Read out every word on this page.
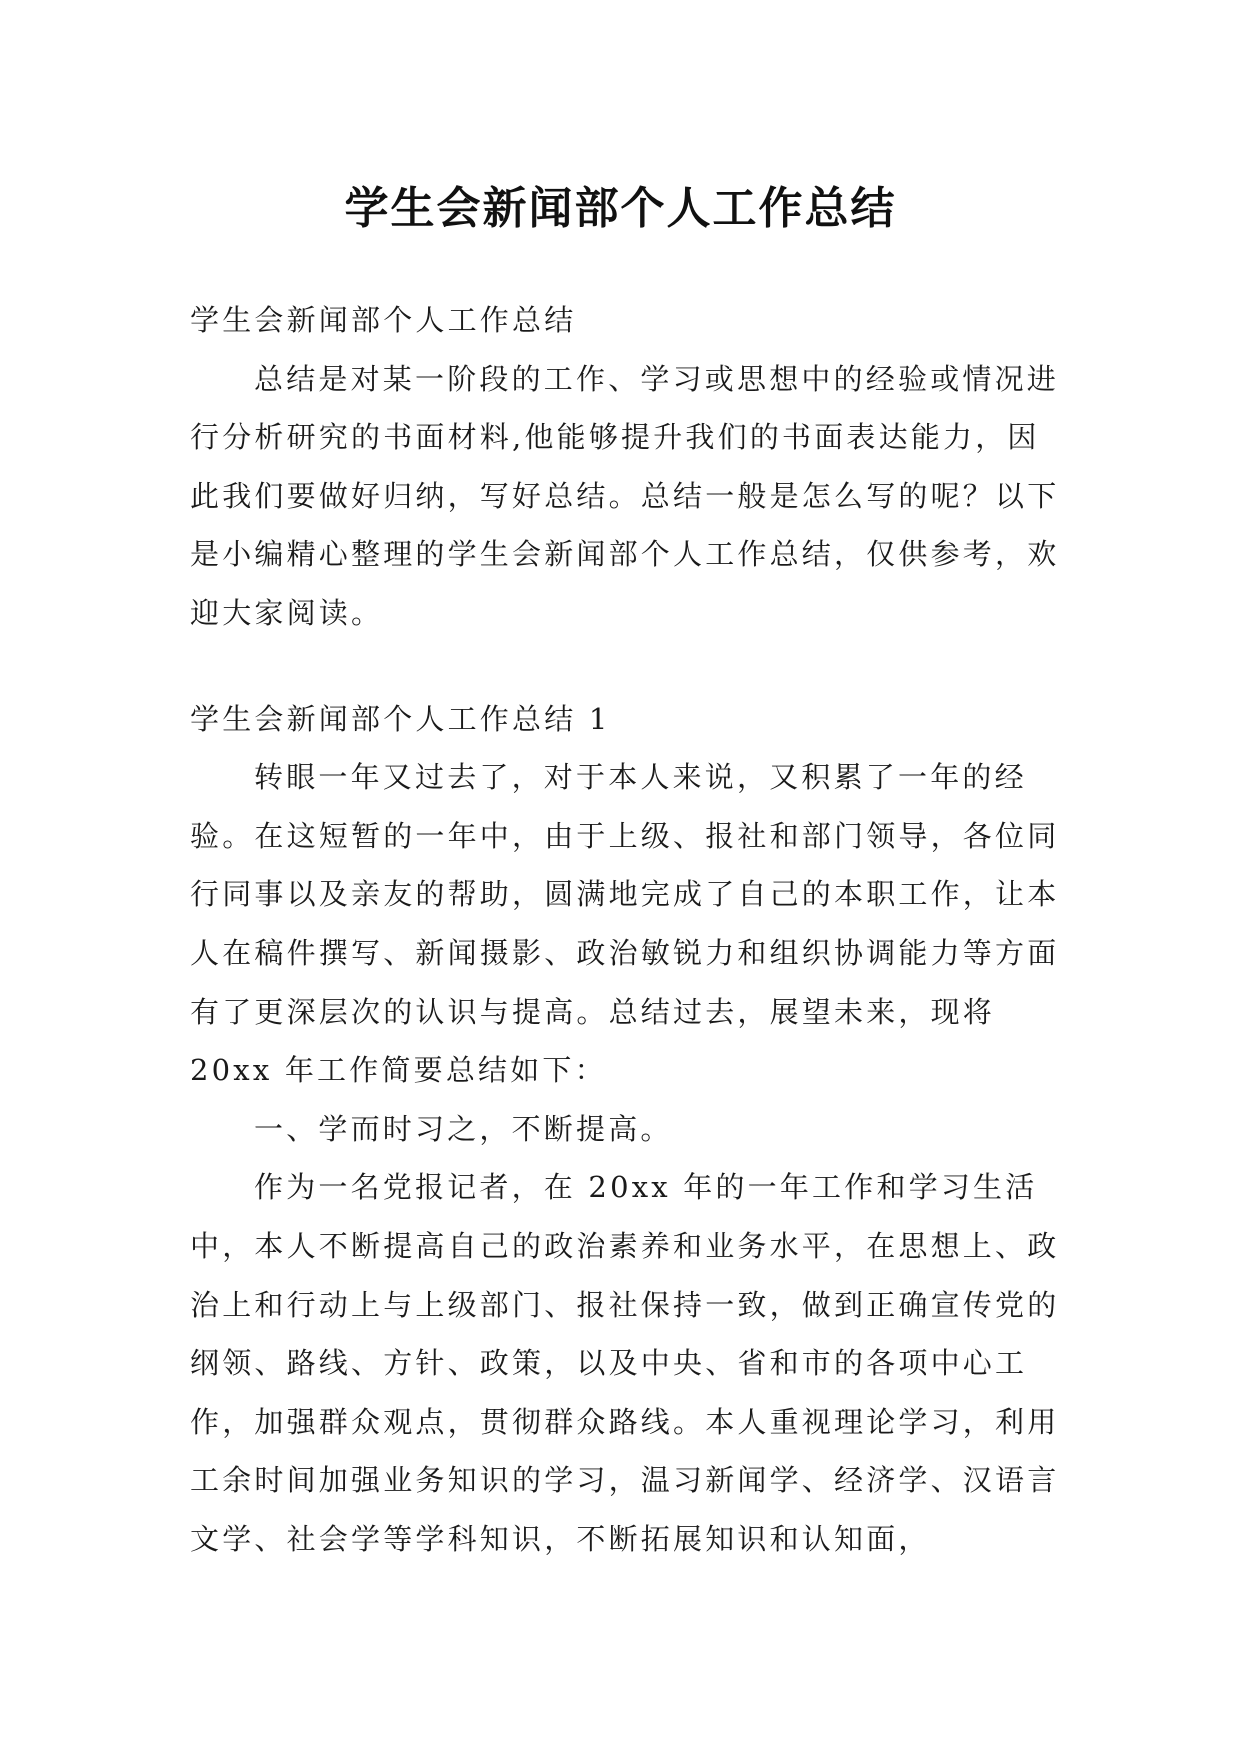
学生会新闻部个人工作总结

学生会新闻部个人工作总结

总结是对某一阶段的工作、学习或思想中的经验或情况进行分析研究的书面材料,他能够提升我们的书面表达能力，因此我们要做好归纳，写好总结。总结一般是怎么写的呢？以下是小编精心整理的学生会新闻部个人工作总结，仅供参考，欢迎大家阅读。

学生会新闻部个人工作总结 1

转眼一年又过去了，对于本人来说，又积累了一年的经验。在这短暂的一年中，由于上级、报社和部门领导，各位同行同事以及亲友的帮助，圆满地完成了自己的本职工作，让本人在稿件撰写、新闻摄影、政治敏锐力和组织协调能力等方面有了更深层次的认识与提高。总结过去，展望未来，现将 20xx 年工作简要总结如下：

一、学而时习之，不断提高。

作为一名党报记者，在 20xx 年的一年工作和学习生活中，本人不断提高自己的政治素养和业务水平，在思想上、政治上和行动上与上级部门、报社保持一致，做到正确宣传党的纲领、路线、方针、政策，以及中央、省和市的各项中心工作，加强群众观点，贯彻群众路线。本人重视理论学习，利用工余时间加强业务知识的学习，温习新闻学、经济学、汉语言文学、社会学等学科知识，不断拓展知识和认知面，
